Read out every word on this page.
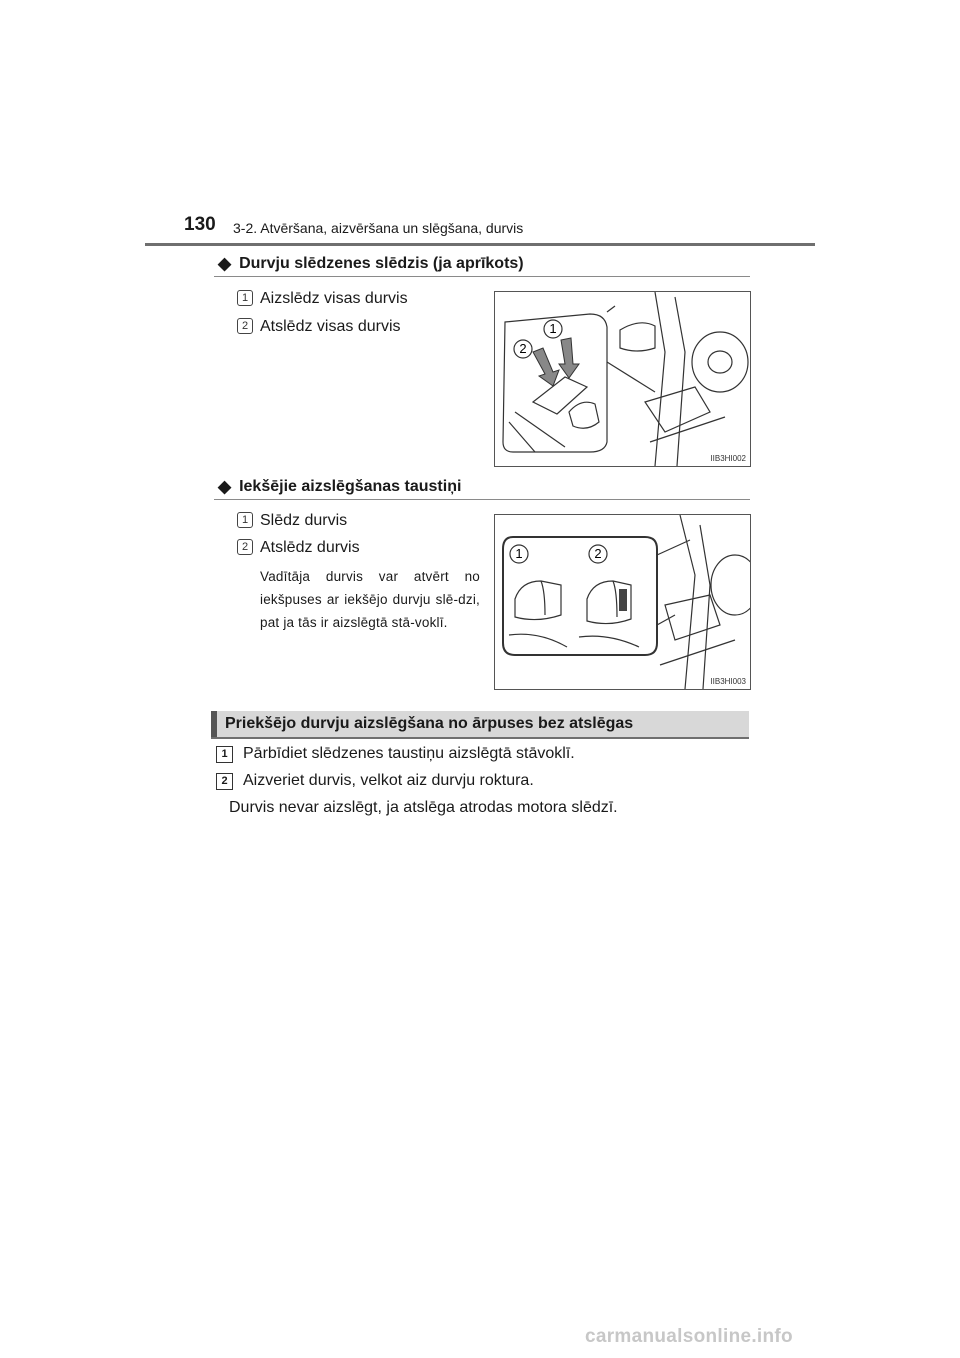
130 3-2. Atvēršana, aizvēršana un slēgšana, durvis
◆ Durvju slēdzenes slēdzis (ja aprīkots)
1 Aizslēdz visas durvis
2 Atslēdz visas durvis	1
2
IIB3HI002
◆ Iekšējie aizslēgšanas taustiņi
1 Slēdz durvis
2 Atslēdz durvis
Vadītāja durvis var atvērt no iekšpuses ar iekšējo durvju slē-dzi, pat ja tās ir aizslēgtā stā-voklī.
1	2
IIB3HI003
Priekšējo durvju aizslēgšana no ārpuses bez atslēgas
1 Pārbīdiet slēdzenes taustiņu aizslēgtā stāvoklī.
2 Aizveriet durvis, velkot aiz durvju roktura.
Durvis nevar aizslēgt, ja atslēga atrodas motora slēdzī.
carmanualsonline.info
